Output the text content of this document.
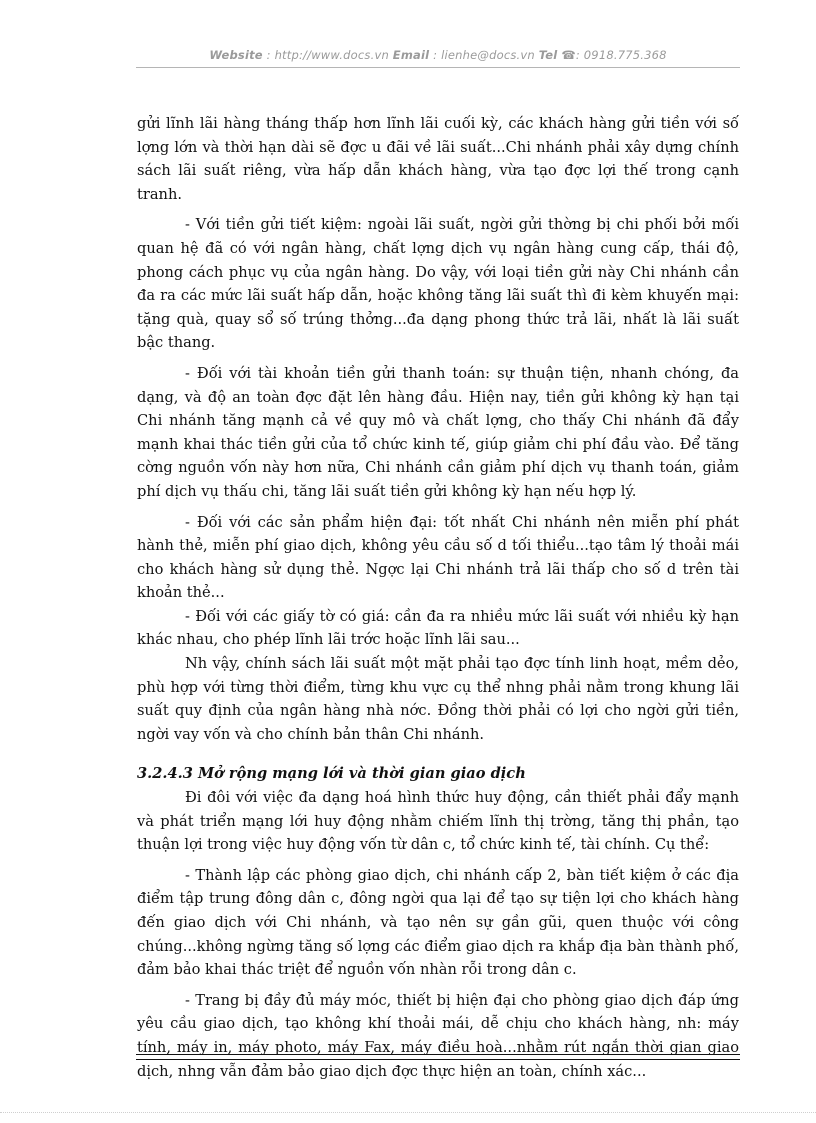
Website : http://www.docs.vn Email : lienhe@docs.vn Tel ☎: 0918.775.368

gửi lĩnh lãi hàng tháng thấp hơn lĩnh lãi cuối kỳ, các khách hàng gửi tiền với số lợng lớn và thời hạn dài sẽ đợc u đãi về lãi suất...Chi nhánh phải xây dựng chính sách lãi suất riêng, vừa hấp dẫn khách hàng, vừa tạo đợc lợi thế trong cạnh tranh.

- Với tiền gửi tiết kiệm: ngoài lãi suất, ngời gửi thờng bị chi phối bởi mối quan hệ đã có với ngân hàng, chất lợng dịch vụ ngân hàng cung cấp, thái độ, phong cách phục vụ của ngân hàng. Do vậy, với loại tiền gửi này Chi nhánh cần đa ra các mức lãi suất hấp dẫn, hoặc không tăng lãi suất thì đi kèm khuyến mại: tặng quà, quay sổ số trúng thởng...đa dạng phong thức trả lãi, nhất là lãi suất bậc thang.

- Đối với tài khoản tiền gửi thanh toán: sự thuận tiện, nhanh chóng, đa dạng, và độ an toàn đợc đặt lên hàng đầu. Hiện nay, tiền gửi không kỳ hạn tại Chi nhánh tăng mạnh cả về quy mô và chất lợng, cho thấy Chi nhánh đã đẩy mạnh khai thác tiền gửi của tổ chức kinh tế, giúp giảm chi phí đầu vào. Để tăng cờng nguồn vốn này hơn nữa, Chi nhánh cần giảm phí dịch vụ thanh toán, giảm phí dịch vụ thấu chi, tăng lãi suất tiền gửi không kỳ hạn nếu hợp lý.

- Đối với các sản phẩm hiện đại: tốt nhất Chi nhánh nên miễn phí phát hành thẻ, miễn phí giao dịch, không yêu cầu số d tối thiểu...tạo tâm lý thoải mái cho khách hàng sử dụng thẻ. Ngợc lại Chi nhánh trả lãi thấp cho số d trên tài khoản thẻ...

- Đối với các giấy tờ có giá: cần đa ra nhiều mức lãi suất với nhiều kỳ hạn khác nhau, cho phép lĩnh lãi trớc hoặc lĩnh lãi sau...

Nh vậy, chính sách lãi suất một mặt phải tạo đợc tính linh hoạt, mềm dẻo, phù hợp với từng thời điểm, từng khu vực cụ thể nhng phải nằm trong khung lãi suất quy định của ngân hàng nhà nớc. Đồng thời phải có lợi cho ngời gửi tiền, ngời vay vốn và cho chính bản thân Chi nhánh.

3.2.4.3 Mở rộng mạng lới và thời gian giao dịch

Đi đôi với việc đa dạng hoá hình thức huy động, cần thiết phải đẩy mạnh và phát triển mạng lới huy động nhằm chiếm lĩnh thị trờng, tăng thị phần, tạo thuận lợi trong việc huy động vốn từ dân c, tổ chức kinh tế, tài chính. Cụ thể:

- Thành lập các phòng giao dịch, chi nhánh cấp 2, bàn tiết kiệm ở các địa điểm tập trung đông dân c, đông ngời qua lại để tạo sự tiện lợi cho khách hàng đến giao dịch với Chi nhánh, và tạo nên sự gần gũi, quen thuộc với công chúng...không ngừng tăng số lợng các điểm giao dịch ra khắp địa bàn thành phố, đảm bảo khai thác triệt để nguồn vốn nhàn rỗi trong dân c.

- Trang bị đầy đủ máy móc, thiết bị hiện đại cho phòng giao dịch đáp ứng yêu cầu giao dịch, tạo không khí thoải mái, dễ chịu cho khách hàng, nh: máy tính, máy in, máy photo, máy Fax, máy điều hoà...nhằm rút ngắn thời gian giao dịch, nhng vẫn đảm bảo giao dịch đợc thực hiện an toàn, chính xác...
